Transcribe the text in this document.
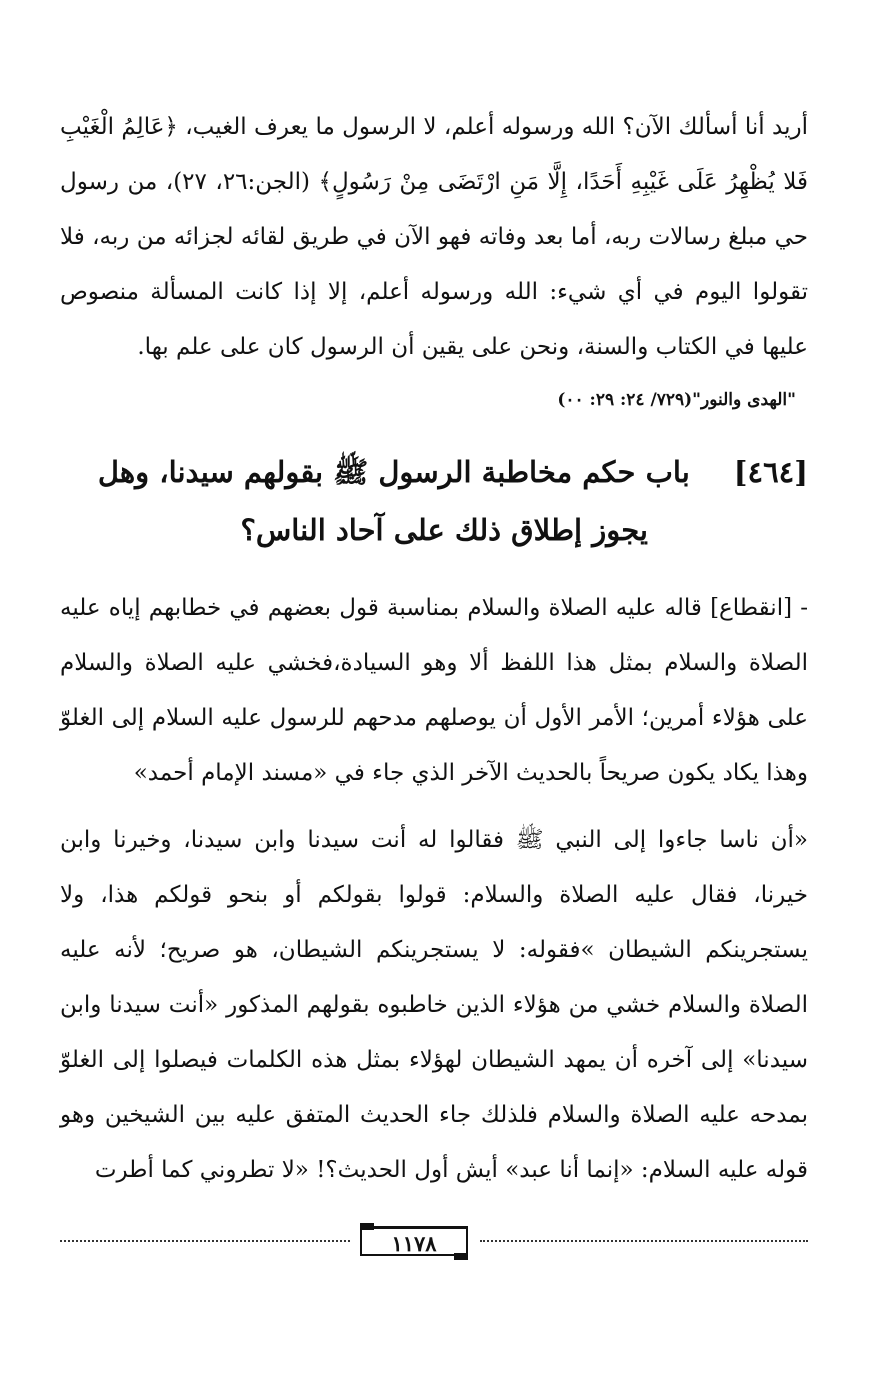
أريد أنا أسألك الآن؟ الله ورسوله أعلم، لا الرسول ما يعرف الغيب، ﴿عَالِمُ الْغَيْبِ فَلا يُظْهِرُ عَلَى غَيْبِهِ أَحَدًا، إِلَّا مَنِ ارْتَضَى مِنْ رَسُولٍ﴾ (الجن:٢٦، ٢٧)، من رسول حي مبلغ رسالات ربه، أما بعد وفاته فهو الآن في طريق لقائه لجزائه من ربه، فلا تقولوا اليوم في أي شيء: الله ورسوله أعلم، إلا إذا كانت المسألة منصوص عليها في الكتاب والسنة، ونحن على يقين أن الرسول كان على علم بها.

"الهدى والنور"(٧٢٩/ ٢٤: ٢٩: ٠٠)
[٤٦٤]باب حكم مخاطبة الرسول ﷺ بقولهم سيدنا، وهل
يجوز إطلاق ذلك على آحاد الناس؟

- [انقطاع] قاله عليه الصلاة والسلام بمناسبة قول بعضهم في خطابهم إياه عليه الصلاة والسلام بمثل هذا اللفظ ألا وهو السيادة،فخشي عليه الصلاة والسلام على هؤلاء أمرين؛ الأمر الأول أن يوصلهم مدحهم للرسول عليه السلام إلى الغلوّ وهذا يكاد يكون صريحاً بالحديث الآخر الذي جاء في «مسند الإمام أحمد»

«أن ناسا جاءوا إلى النبي ﷺ فقالوا له أنت سيدنا وابن سيدنا، وخيرنا وابن خيرنا، فقال عليه الصلاة والسلام: قولوا بقولكم أو بنحو قولكم هذا، ولا يستجرينكم الشيطان »فقوله: لا يستجرينكم الشيطان، هو صريح؛ لأنه عليه الصلاة والسلام خشي من هؤلاء الذين خاطبوه بقولهم المذكور «أنت سيدنا وابن سيدنا» إلى آخره أن يمهد الشيطان لهؤلاء بمثل هذه الكلمات فيصلوا إلى الغلوّ بمدحه عليه الصلاة والسلام فلذلك جاء الحديث المتفق عليه بين الشيخين وهو قوله عليه السلام: «إنما أنا عبد» أيش أول الحديث؟! «لا تطروني كما أطرت

١١٧٨
